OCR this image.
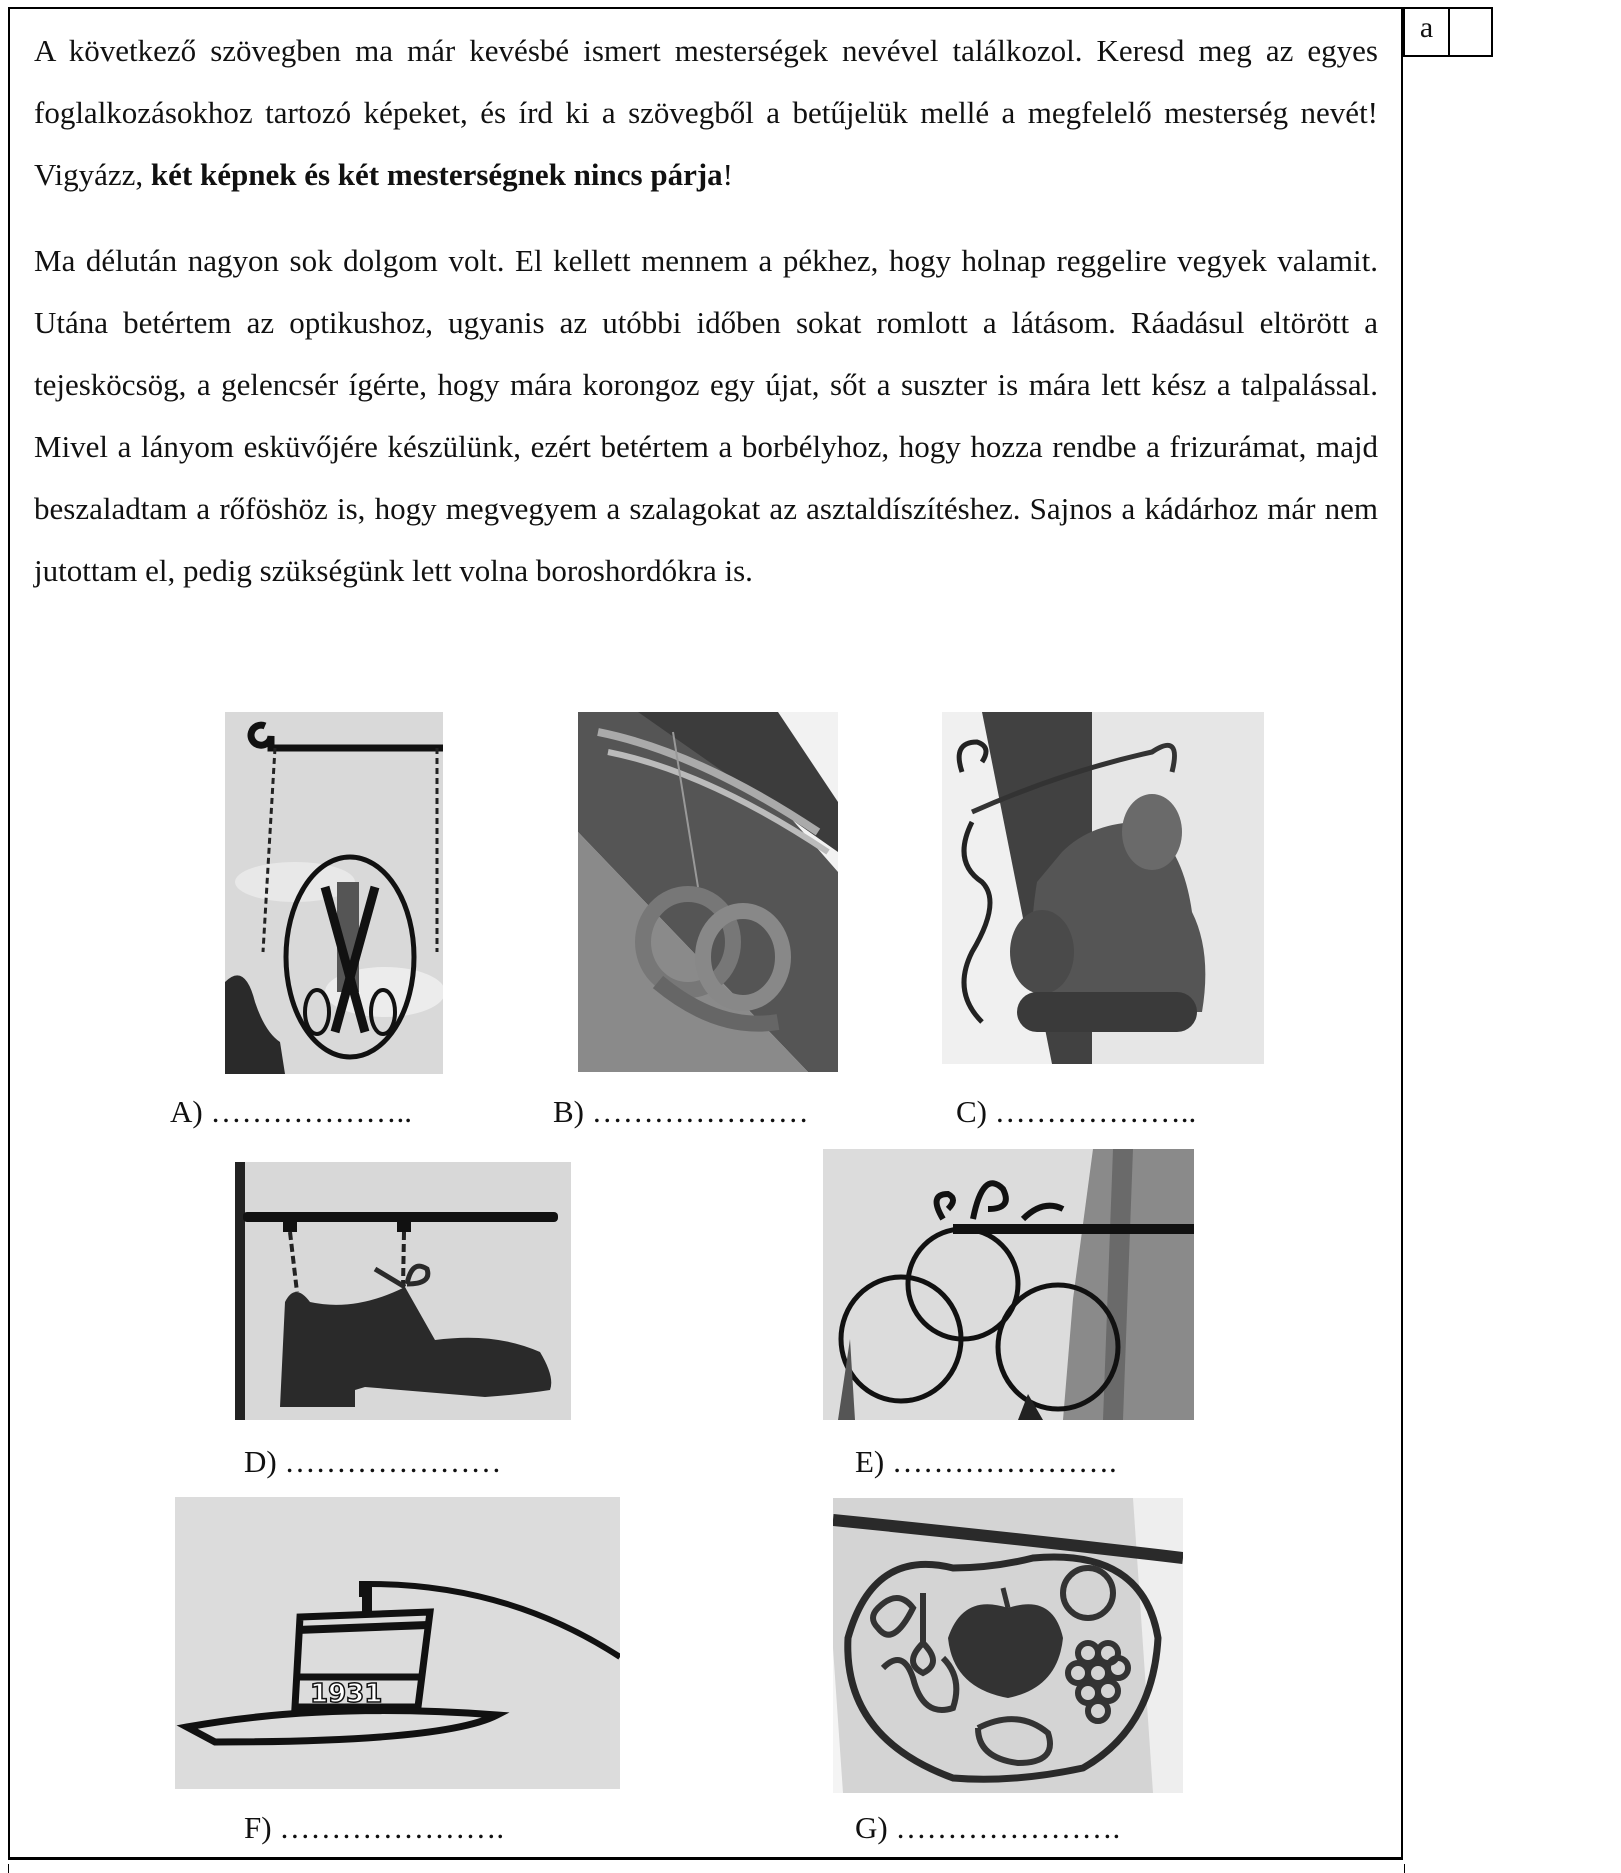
a
A következő szövegben ma már kevésbé ismert mesterségek nevével találkozol. Keresd meg az egyes foglalkozásokhoz tartozó képeket, és írd ki a szövegből a betűjelük mellé a megfelelő mesterség nevét! Vigyázz, két képnek és két mesterségnek nincs párja!
Ma délután nagyon sok dolgom volt. El kellett mennem a pékhez, hogy holnap reggelire vegyek valamit. Utána betértem az optikushoz, ugyanis az utóbbi időben sokat romlott a látásom. Ráadásul eltörött a tejesköcsög, a gelencsér ígérte, hogy mára korongoz egy újat, sőt a suszter is mára lett kész a talpalással. Mivel a lányom esküvőjére készülünk, ezért betértem a borbélyhoz, hogy hozza rendbe a frizurámat, majd beszaladtam a rőföshöz is, hogy megvegyem a szalagokat az asztaldíszítéshez. Sajnos a kádárhoz már nem jutottam el, pedig szükségünk lett volna boroshordókra is.
A) ………………..	B) …………………	C) ………………..
D) …………………	E) ………………….
1931
F) ………………….	G) ………………….
